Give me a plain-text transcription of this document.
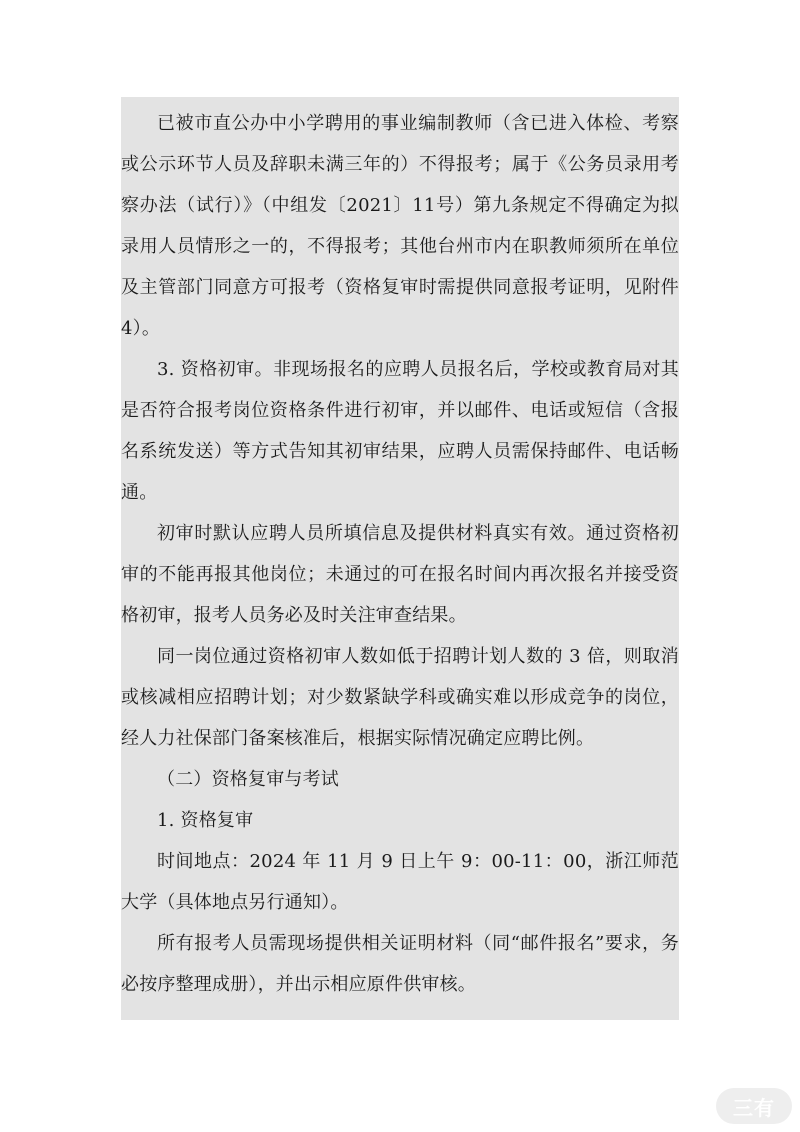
已被市直公办中小学聘用的事业编制教师（含已进入体检、考察或公示环节人员及辞职未满三年的）不得报考；属于《公务员录用考察办法（试行）》（中组发〔2021〕11号）第九条规定不得确定为拟录用人员情形之一的，不得报考；其他台州市内在职教师须所在单位及主管部门同意方可报考（资格复审时需提供同意报考证明，见附件 4）。

3. 资格初审。非现场报名的应聘人员报名后，学校或教育局对其是否符合报考岗位资格条件进行初审，并以邮件、电话或短信（含报名系统发送）等方式告知其初审结果，应聘人员需保持邮件、电话畅通。

初审时默认应聘人员所填信息及提供材料真实有效。通过资格初审的不能再报其他岗位；未通过的可在报名时间内再次报名并接受资格初审，报考人员务必及时关注审查结果。

同一岗位通过资格初审人数如低于招聘计划人数的 3 倍，则取消或核减相应招聘计划；对少数紧缺学科或确实难以形成竞争的岗位，经人力社保部门备案核准后，根据实际情况确定应聘比例。

（二）资格复审与考试

1. 资格复审

时间地点：2024 年 11 月 9 日上午 9：00-11：00，浙江师范大学（具体地点另行通知）。

所有报考人员需现场提供相关证明材料（同“邮件报名”要求，务必按序整理成册），并出示相应原件供审核。

三有
